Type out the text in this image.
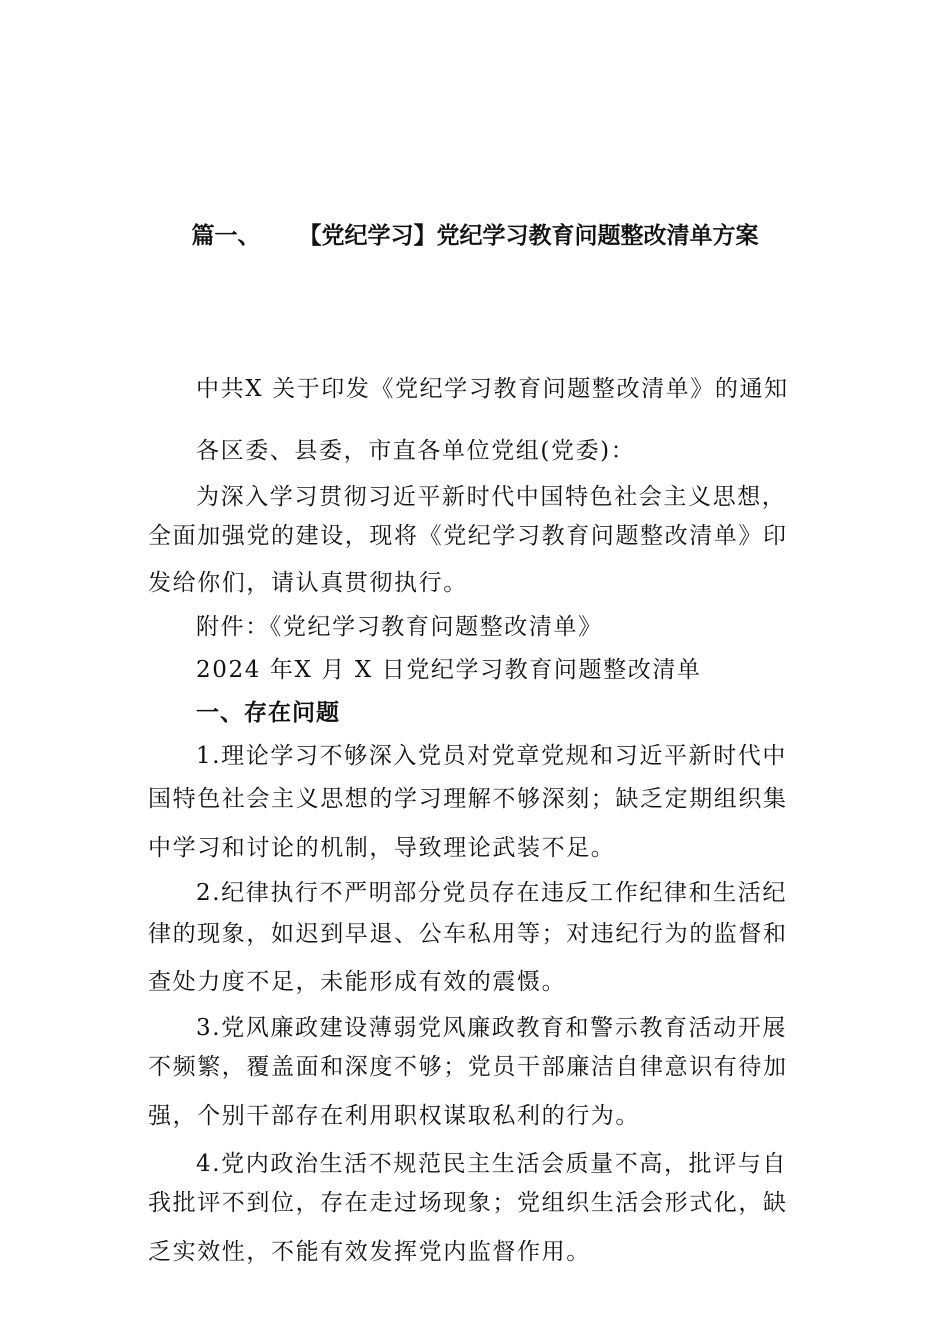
篇一、 【党纪学习】党纪学习教育问题整改清单方案
中共X 关于印发《党纪学习教育问题整改清单》的通知
各区委、县委，市直各单位党组(党委)：
为深入学习贯彻习近平新时代中国特色社会主义思想，
全面加强党的建设，现将《党纪学习教育问题整改清单》印
发给你们，请认真贯彻执行。
附件：《党纪学习教育问题整改清单》
2024 年X 月 X 日党纪学习教育问题整改清单
一、存在问题
1.理论学习不够深入党员对党章党规和习近平新时代中
国特色社会主义思想的学习理解不够深刻；缺乏定期组织集
中学习和讨论的机制，导致理论武装不足。
2.纪律执行不严明部分党员存在违反工作纪律和生活纪
律的现象，如迟到早退、公车私用等；对违纪行为的监督和
查处力度不足，未能形成有效的震慑。
3.党风廉政建设薄弱党风廉政教育和警示教育活动开展
不频繁，覆盖面和深度不够；党员干部廉洁自律意识有待加
强，个别干部存在利用职权谋取私利的行为。
4.党内政治生活不规范民主生活会质量不高，批评与自
我批评不到位，存在走过场现象；党组织生活会形式化，缺
乏实效性，不能有效发挥党内监督作用。
